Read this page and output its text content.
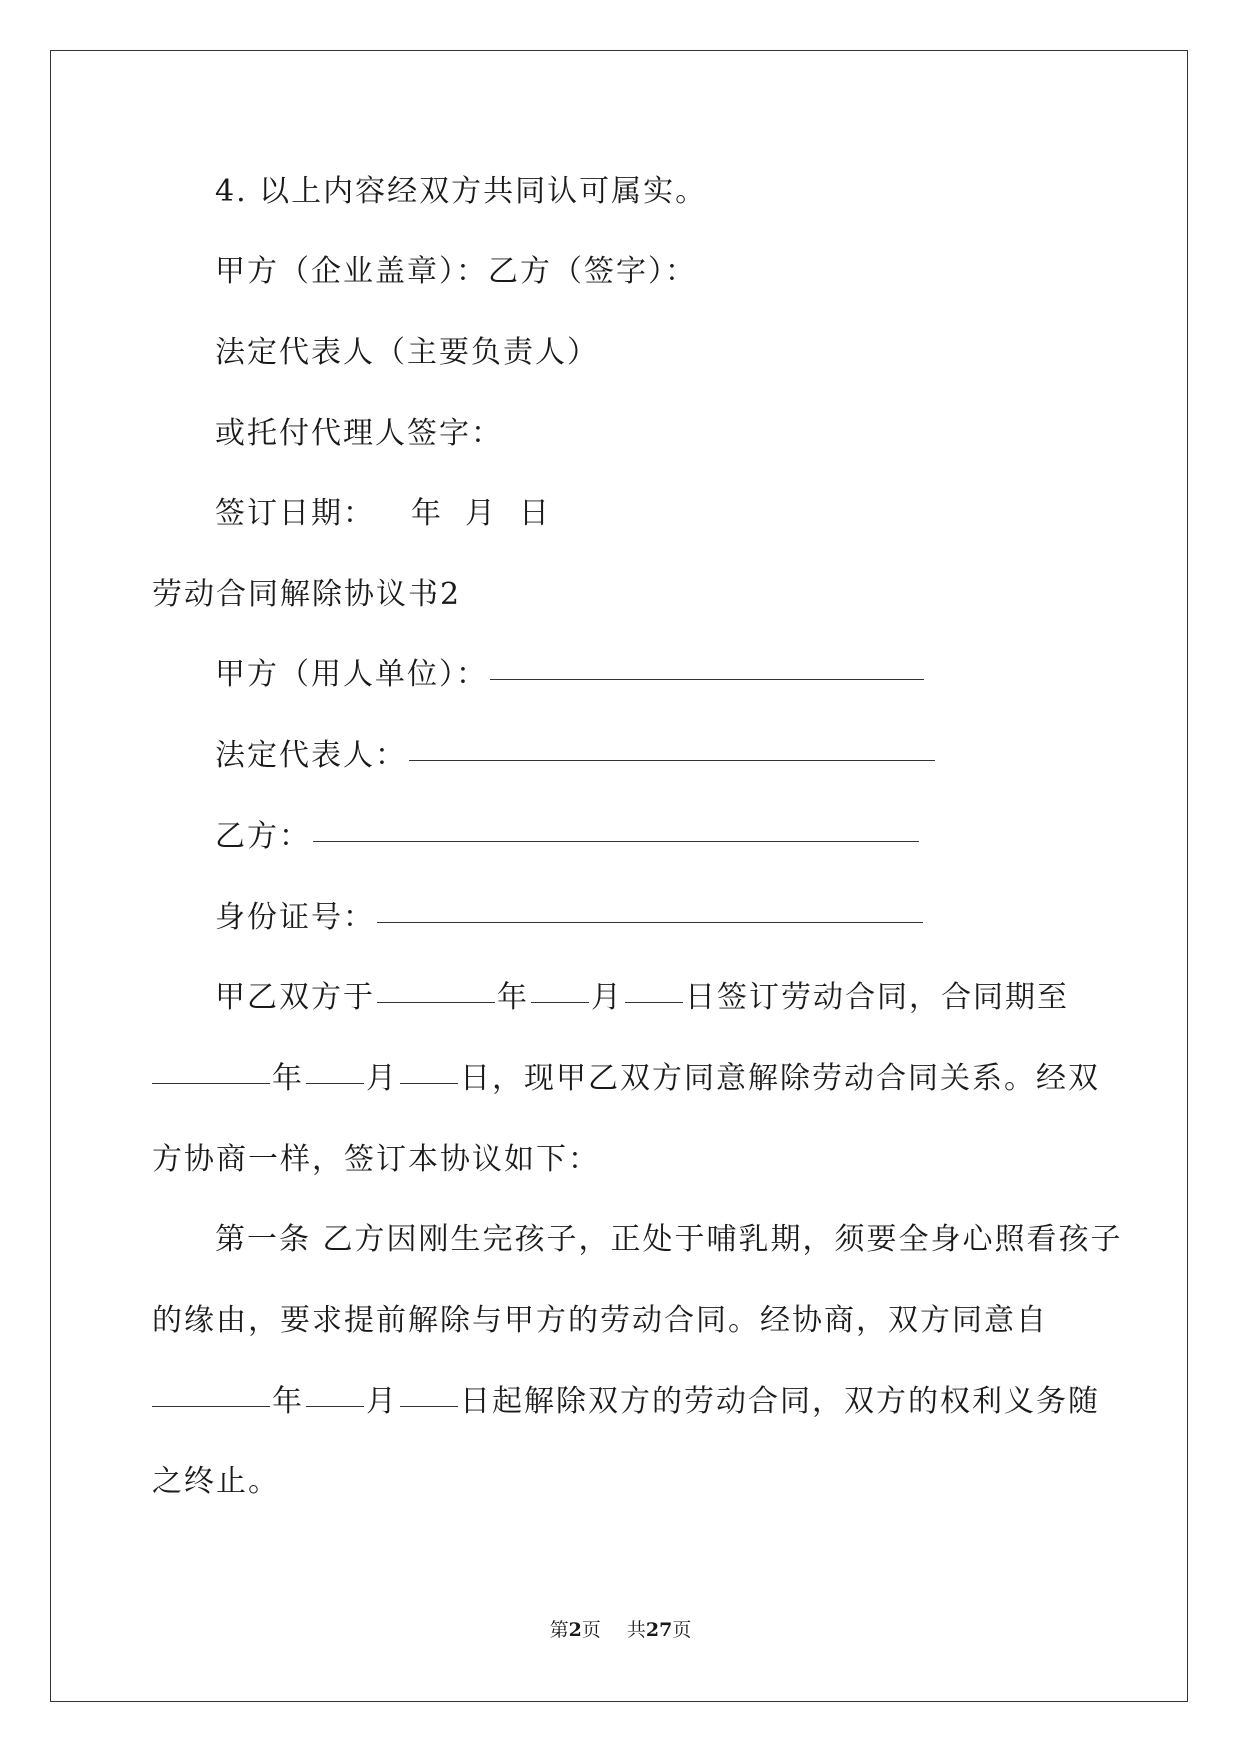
4. 以上内容经双方共同认可属实。
甲方（企业盖章）：乙方（签字）：
法定代表人（主要负责人）
或托付代理人签字：
签订日期： 年 月 日
劳动合同解除协议书2
甲方（用人单位）：
法定代表人：
乙方：
身份证号：
甲乙双方于	年 月 日签订劳动合同，合同期至
年 月 日，现甲乙双方同意解除劳动合同关系。经双
方协商一样，签订本协议如下：
第一条 乙方因刚生完孩子，正处于哺乳期，须要全身心照看孩子
的缘由，要求提前解除与甲方的劳动合同。经协商，双方同意自
年 月 日起解除双方的劳动合同，双方的权利义务随
之终止。
第2页 共27页
